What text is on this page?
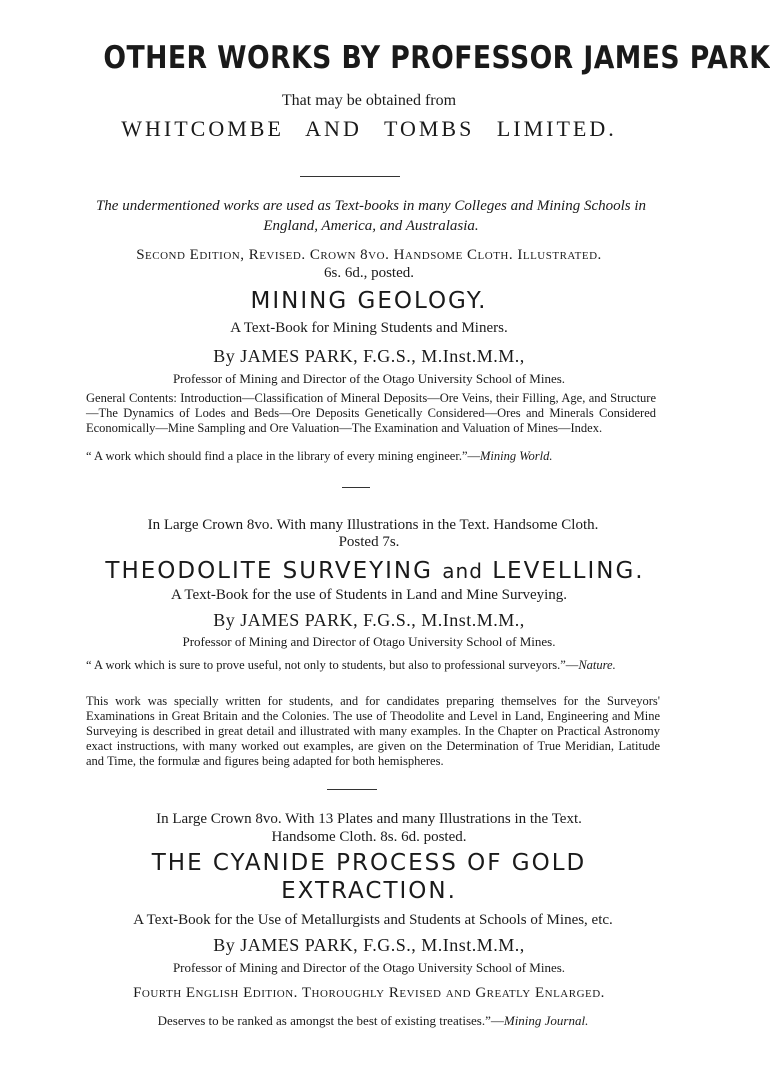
OTHER WORKS BY PROFESSOR JAMES PARK
That may be obtained from
WHITCOMBE AND TOMBS LIMITED.
The undermentioned works are used as Text-books in many Colleges and Mining Schools in England, America, and Australasia.
Second Edition, Revised. Crown 8vo. Handsome Cloth. Illustrated.
6s. 6d., posted.
MINING GEOLOGY.
A Text-Book for Mining Students and Miners.
By JAMES PARK, F.G.S., M.Inst.M.M.,
Professor of Mining and Director of the Otago University School of Mines.
General Contents: Introduction—Classification of Mineral Deposits—Ore Veins, their Filling, Age, and Structure—The Dynamics of Lodes and Beds—Ore Deposits Genetically Considered—Ores and Minerals Considered Economically—Mine Sampling and Ore Valuation—The Examination and Valuation of Mines—Index.
“ A work which should find a place in the library of every mining engineer.”—Mining World.
In Large Crown 8vo. With many Illustrations in the Text. Handsome Cloth.
Posted 7s.
THEODOLITE SURVEYING and LEVELLING.
A Text-Book for the use of Students in Land and Mine Surveying.
By JAMES PARK, F.G.S., M.Inst.M.M.,
Professor of Mining and Director of Otago University School of Mines.
“ A work which is sure to prove useful, not only to students, but also to professional surveyors.”—Nature.
This work was specially written for students, and for candidates preparing themselves for the Surveyors' Examinations in Great Britain and the Colonies. The use of Theodolite and Level in Land, Engineering and Mine Surveying is described in great detail and illustrated with many examples. In the Chapter on Practical Astronomy exact instructions, with many worked out examples, are given on the Determination of True Meridian, Latitude and Time, the formulæ and figures being adapted for both hemispheres.
In Large Crown 8vo. With 13 Plates and many Illustrations in the Text.
Handsome Cloth. 8s. 6d. posted.
THE CYANIDE PROCESS OF GOLD
EXTRACTION.
A Text-Book for the Use of Metallurgists and Students at Schools of Mines, etc.
By JAMES PARK, F.G.S., M.Inst.M.M.,
Professor of Mining and Director of the Otago University School of Mines.
Fourth English Edition. Thoroughly Revised and Greatly Enlarged.
Deserves to be ranked as amongst the best of existing treatises.”—Mining Journal.
